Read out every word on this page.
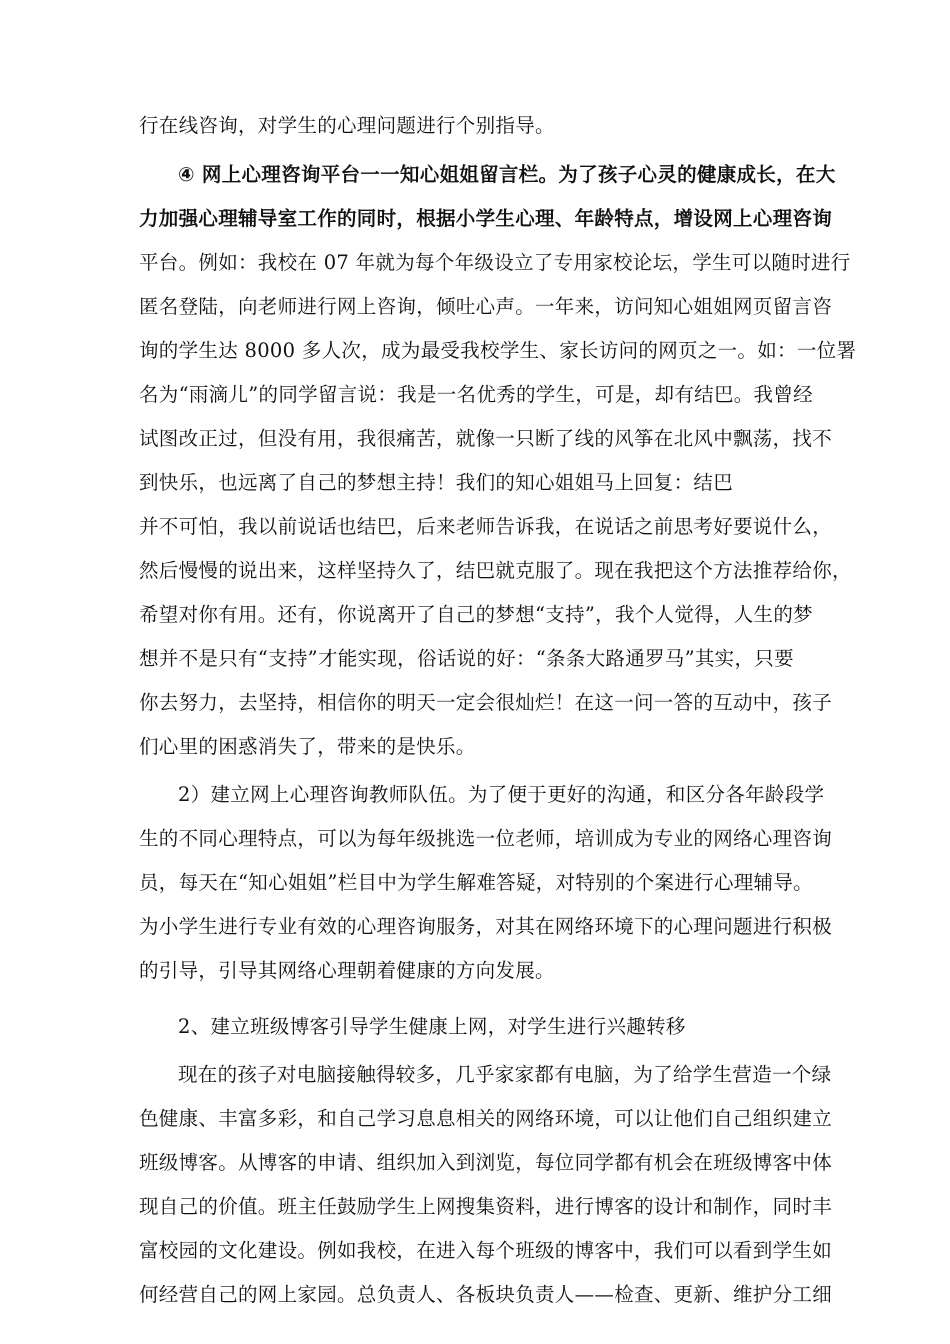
行在线咨询，对学生的心理问题进行个别指导。
④ 网上心理咨询平台一一知心姐姐留言栏。为了孩子心灵的健康成长，在大
力加强心理辅导室工作的同时，根据小学生心理、年龄特点，增设网上心理咨询
平台。例如：我校在 07 年就为每个年级设立了专用家校论坛，学生可以随时进行
匿名登陆，向老师进行网上咨询，倾吐心声。一年来，访问知心姐姐网页留言咨
询的学生达 8000 多人次，成为最受我校学生、家长访问的网页之一。如：一位署
名为“雨滴儿”的同学留言说：我是一名优秀的学生，可是，却有结巴。我曾经
试图改正过，但没有用，我很痛苦，就像一只断了线的风筝在北风中飘荡，找不
到快乐，也远离了自己的梦想主持！我们的知心姐姐马上回复：结巴
并不可怕，我以前说话也结巴，后来老师告诉我，在说话之前思考好要说什么，
然后慢慢的说出来，这样坚持久了，结巴就克服了。现在我把这个方法推荐给你，
希望对你有用。还有，你说离开了自己的梦想“支持”，我个人觉得，人生的梦
想并不是只有“支持”才能实现，俗话说的好：“条条大路通罗马”其实，只要
你去努力，去坚持，相信你的明天一定会很灿烂！在这一问一答的互动中，孩子
们心里的困惑消失了，带来的是快乐。
2）建立网上心理咨询教师队伍。为了便于更好的沟通，和区分各年龄段学
生的不同心理特点，可以为每年级挑选一位老师，培训成为专业的网络心理咨询
员，每天在“知心姐姐”栏目中为学生解难答疑，对特别的个案进行心理辅导。
为小学生进行专业有效的心理咨询服务，对其在网络环境下的心理问题进行积极
的引导，引导其网络心理朝着健康的方向发展。
2、建立班级博客引导学生健康上网，对学生进行兴趣转移
现在的孩子对电脑接触得较多，几乎家家都有电脑，为了给学生营造一个绿
色健康、丰富多彩，和自己学习息息相关的网络环境，可以让他们自己组织建立
班级博客。从博客的申请、组织加入到浏览，每位同学都有机会在班级博客中体
现自己的价值。班主任鼓励学生上网搜集资料，进行博客的设计和制作，同时丰
富校园的文化建设。例如我校，在进入每个班级的博客中，我们可以看到学生如
何经营自己的网上家园。总负责人、各板块负责人——检查、更新、维护分工细
